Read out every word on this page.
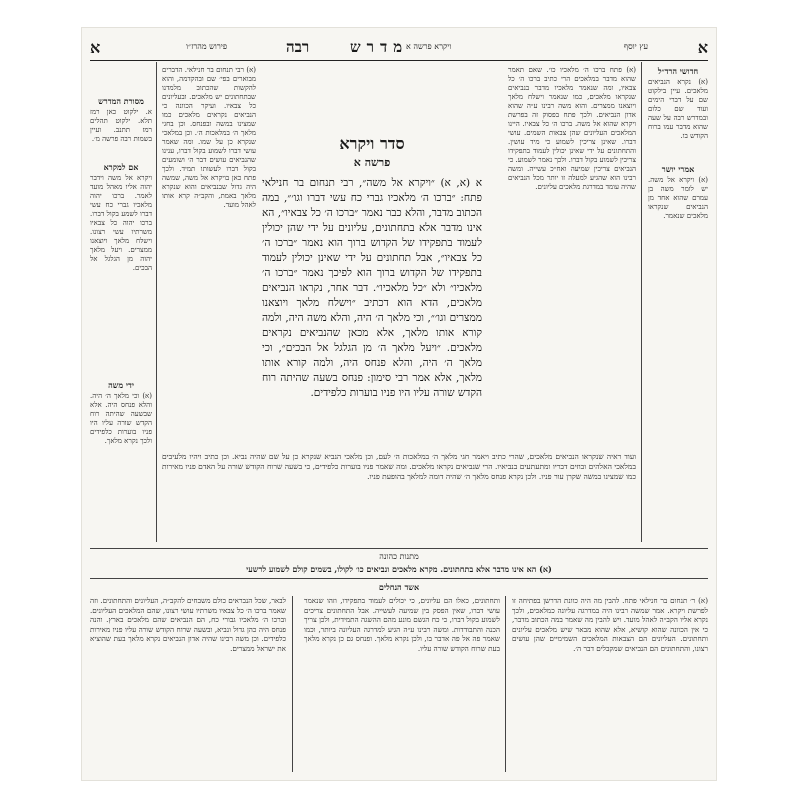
א
עץ יוסף
מדרש
ויקרא פרשה א
רבה
פירוש מהרז״ו
א
חדושי הרד״ל
(א) נקרא הנביאים מלאכים. עיין בילקוט שם על דברי הימים ועוד שם כלום ובמדרש רבה על שעה שהוא מדבר עמו ברוח הקודש בו.
אמרי יושר
(א) ויקרא אל משה. יש לומר משה בן עמרם שהוא אחד מן הנביאים שנקראו מלאכים שנאמר.
מסורת המדרש
א. ילקוט כאן רמז תלא. ילקוט תהלים רמז תתנב. ועיין בשמות רבה פרשה מ׳.
אם למקרא
ויקרא אל משה וידבר יהוה אליו מאהל מועד לאמר. ברכו יהוה מלאכיו גברי כח עשי דברו לשמע בקול דברו. ברכו יהוה כל צבאיו משרתיו עשי רצונו. וישלח מלאך ויוצאנו ממצרים. ויעל מלאך יהוה מן הגלגל אל הבכים.
ידי משה
(א) וכי מלאך ה׳ היה. והלא פנחס היה. אלא שבשעה שהיתה רוח הקדש שורה עליו היו פניו בוערות כלפידים ולכך נקרא מלאך.
(א) פתח ברכו ה׳ מלאכיו כו׳. שאם תאמר שהוא מדבר במלאכים הרי כתיב ברכו ה׳ כל צבאיו, ומה שנאמר מלאכיו מדבר בנביאים שנקראו מלאכים, כמו שנאמר וישלח מלאך ויוצאנו ממצרים. והוא משה רבינו ע״ה שהוא אדון הנביאים. ולכך פתח בפסוק זה בפרשת ויקרא שהוא אל משה. ברכו ה׳ כל צבאיו. היינו המלאכים העליונים שהן צבאות השמים. עושי דברו. שאינן צריכין לשמוע כי מיד עושין. והתחתונים על ידי שאינן יכולין לעמוד בתפקידו צריכין לשמוע בקול דברו. ולכך נאמר לשמוע. כי הנביאים צריכין שמיעה ואח״כ עשייה. ומשה רבינו הוא שהגיע למעלה זו יותר מכל הנביאים שהיה עומד במדרגת מלאכים עליונים.
(א) רבי תנחום בר חנילאי. הדברים מבוארים בפי׳ שם ובהקדמה, והוא להקשות שהכתוב מלמדנו שבתחתונים יש מלאכים. ובעליונים כל צבאיו. ועיקר הכוונה כי הנביאים נקראים מלאכים כמו שמצינו במשה ובפנחס. וכן בחגי מלאך ה׳ במלאכות ה׳. וכן במלאכי שנקרא כן על שמו. ומה שאמר עושי דברו לשמוע בקול דברו, ענינו שהנביאים עושים דבר ה׳ ושומעים בקול דברו לעשותו תמיד. ולכך פתח כאן בויקרא אל משה, שמשה היה גדול שבנביאים והוא שנקרא מלאך באמת, והקב״ה קרא אותו לאהל מועד.
סדר ויקרא
פרשה א
א (א, א) ״ויקרא אל משה״, רבי תנחום בר חנילאי פתח: ״ברכו ה׳ מלאכיו גברי כח עשי דברו וגו׳״, במה הכתוב מדבר, והלא כבר נאמר ״ברכו ה׳ כל צבאיו״, הא אינו מדבר אלא בתחתונים, עליונים על ידי שהן יכולין לעמוד בתפקידו של הקדוש ברוך הוא נאמר ״ברכו ה׳ כל צבאיו״, אבל תחתונים על ידי שאינן יכולין לעמוד בתפקידו של הקדוש ברוך הוא לפיכך נאמר ״ברכו ה׳ מלאכיו״ ולא ״כל מלאכיו״. דבר אחר, נקראו הנביאים מלאכים, הדא הוא דכתיב ״וישלח מלאך ויוצאנו ממצרים וגו׳״, וכי מלאך ה׳ היה, והלא משה היה, ולמה קורא אותו מלאך, אלא מכאן שהנביאים נקראים מלאכים. ״ויעל מלאך ה׳ מן הגלגל אל הבכים״, וכי מלאך ה׳ היה, והלא פנחס היה, ולמה קורא אותו מלאך, אלא אמר רבי סימון: פנחס בשעה שהיתה רוח הקדש שורה עליו היו פניו בוערות כלפידים.
ועוד ראיה שנקראו הנביאים מלאכים, שהרי כתיב ויאמר חגי מלאך ה׳ במלאכות ה׳ לעם, וכן מלאכי הנביא שנקרא כן על שם שהיה נביא. וכן כתיב ויהיו מלעיבים במלאכי האלהים ובוזים דבריו ומתעתעים בנביאיו. הרי שנביאים נקראו מלאכים. ומה שאמר פניו בוערות כלפידים, כי בשעה שרוח הקודש שורה על האדם פניו מאירות כמו שמצינו במשה שקרן עור פניו. ולכן נקרא פנחס מלאך ה׳ שהיה דומה למלאך בהופעת פניו.
מתנות כהונה
(א) הא אינו מדבר אלא בתחתונים. מקרא מלאכים ונביאים כו׳ לקולו, בשמים קולם לשמוע לרשעי
אשד הנחלים
(א) ר׳ תנחום בר חנילאי פתח. להבין מה היה כוונת הדרשן בפתיחה זו לפרשת ויקרא. אמר שמשה רבינו היה במדרגה עליונה כמלאכים, ולכך נקרא אליו הקב״ה לאהל מועד. ויש להבין מה שאמר במה הכתוב מדבר, כי אין הכוונה שהוא קושיא, אלא שהוא מבאר שיש מלאכים עליונים ותחתונים. העליונים הם הצבאות המלאכים השמימיים שהן עושים רצונו, והתחתונים הם הנביאים שמקבלים דבר ה׳.
ותחתונים, כאלו הם עליונים, כי יכולים לעמוד בתפקידו, וזהו שנאמר עושי דברו, שאין הפסק בין שמיעה לעשייה. אבל התחתונים צריכים לשמוע בקול דברו, כי כח הגשם מונע מהם ההשגה התמידית, ולכן צריך הכנה והתבודדות. ומשה רבינו ע״ה הגיע למדרגה העליונה ביותר, וכמו שאמר פה אל פה אדבר בו, ולכן נקרא מלאך. ופנחס גם כן נקרא מלאך בעת שרוח הקודש שורה עליו.
לבאר, שכל הנבראים כולם משבחים להקב״ה, העליונים והתחתונים. וזה שאמר ברכו ה׳ כל צבאיו משרתיו עושי רצונו, שהם המלאכים העליונים. וברכו ה׳ מלאכיו גבורי כח, הם הנביאים שהם מלאכים בארץ. והנה פנחס היה כהן גדול ונביא, ובשעה שרוח הקודש שורה עליו פניו מאירות כלפידים. וכן משה רבינו שהיה אדון הנביאים נקרא מלאך בעת שהוציא את ישראל ממצרים.
